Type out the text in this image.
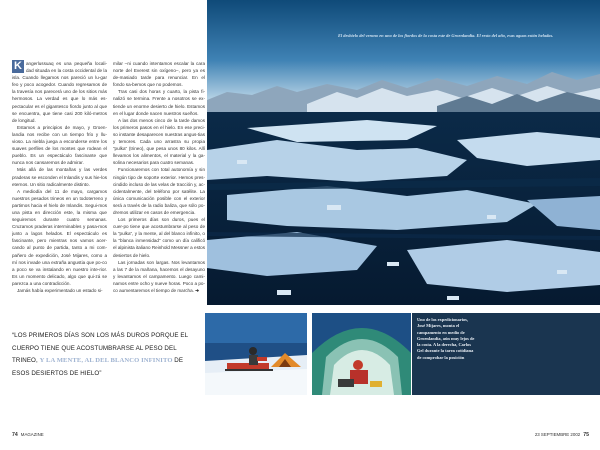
K angerlussuaq es una pequeña locali-dad situada en la costa occidental de la isla. Cuando llegamos nos pareció un lu-gar feo y poco acogedor. Cuando regresamos de la travesía nos parecerá uno de los sitios más hermosos. La verdad es que lo más es-pectacular es el gigantesco fiordo junto al que se encuentra, que tiene casi 200 kiló-metros de longitud.

Estamos a principios de mayo, y Groen-landia nos recibe con un tiempo frío y llu-vioso. La niebla juega a esconderse entre los suaves perfiles de los montes que rodean el pueblo. Es un espectáculo fascinante que nunca nos cansaremos de admirar.

Más allá de las montañas y las verdes praderas se esconden el Inlandis y sus hie-los eternos. Un sitio radicalmente distinto.

A mediodía del 11 de mayo, cargamos nuestros pesados trineos en un todoterreno y partimos hacia el hielo de Inlandis. Segui-mos una pista en dirección este, la misma que seguiremos durante cuatro semanas. Cruzamos praderas interminables y pasa-mos junto a lagos helados. El espectáculo es fascinante, pero mientras nos vamos acer-cando al punto de partida, tanto a mi com-pañero de expedición, José Mijares, como a mí nos invade una extraña angustia que po-co a poco se va instalando en nuestro inte-rior. Es un momento delicado, algo que qui-zá se parezca a una contradicción.

Jamás había experimentado un estado si-

milar –ni cuando intentamos escalar la cara norte del Everest sin oxígeno–, pero ya es de-masiado tarde para renunciar. En el fondo sa-bemos que no podemos.

Tras casi dos horas y cuarto, la pista fi-nalizó se termina. Frente a nosotros se ex-tiende un enorme desierto de hielo. Estamos en el lugar donde nacen nuestros sueños.

A las dos menos cinco de la tarde damos los primeros pasos en el hielo. En ese preci-so instante desaparecen nuestras angus-tias y temores. Cada uno arrastra su propia “pulka” (trineo), que pesa unos 80 kilos. Allí llevamos los alimentos, el material y la ga-solina necesarios para cuatro semanas.

Funcionaremos con total autonomía y sin ningún tipo de soporte exterior. Hemos pres-cindido incluso de las velas de tracción y, ac-cidentalmente, del teléfono por satélite. La única comunicación posible con el exterior será a través de la radio baliza, que sólo po-dremos utilizar en casos de emergencia.

Los primeros días son duros, pues el cuer-po tiene que acostumbrarse al peso de la “pulka”, y la mente, al del blanco infinito, o la “blanca inmensidad” como un día calificó el alpinista italiano Reinhold Messner a estos desiertos de hielo.

Las jornadas son largas. Nos levantamos a las 7 de la mañana, hacemos el desayuno y levantamos el campamento. Luego cami-namos entre ocho y nueve horas. Poco a po-co aumentaremos el tiempo de marcha. ➔

El deshielo del verano en uno de los fiordos de la costa este de Groenlandia. El resto del año, esas aguas están heladas.
“LOS PRIMEROS DÍAS SON LOS MÁS DUROS PORQUE EL CUERPO TIENE QUE ACOSTUMBRARSE AL PESO DEL TRINEO, Y LA MENTE, AL DEL BLANCO INFINITO DE ESOS DESIERTOS DE HIELO”
Uno de los expedicionarios, José Mijares, monta el campamento en medio de Groenlandia, aún muy lejos de la costa. A la derecha, Carlos Gel durante la tarea cotidiana de comprobar la posición
74 MAGAZINE	23 SEPTIEMBRE 2002 75
